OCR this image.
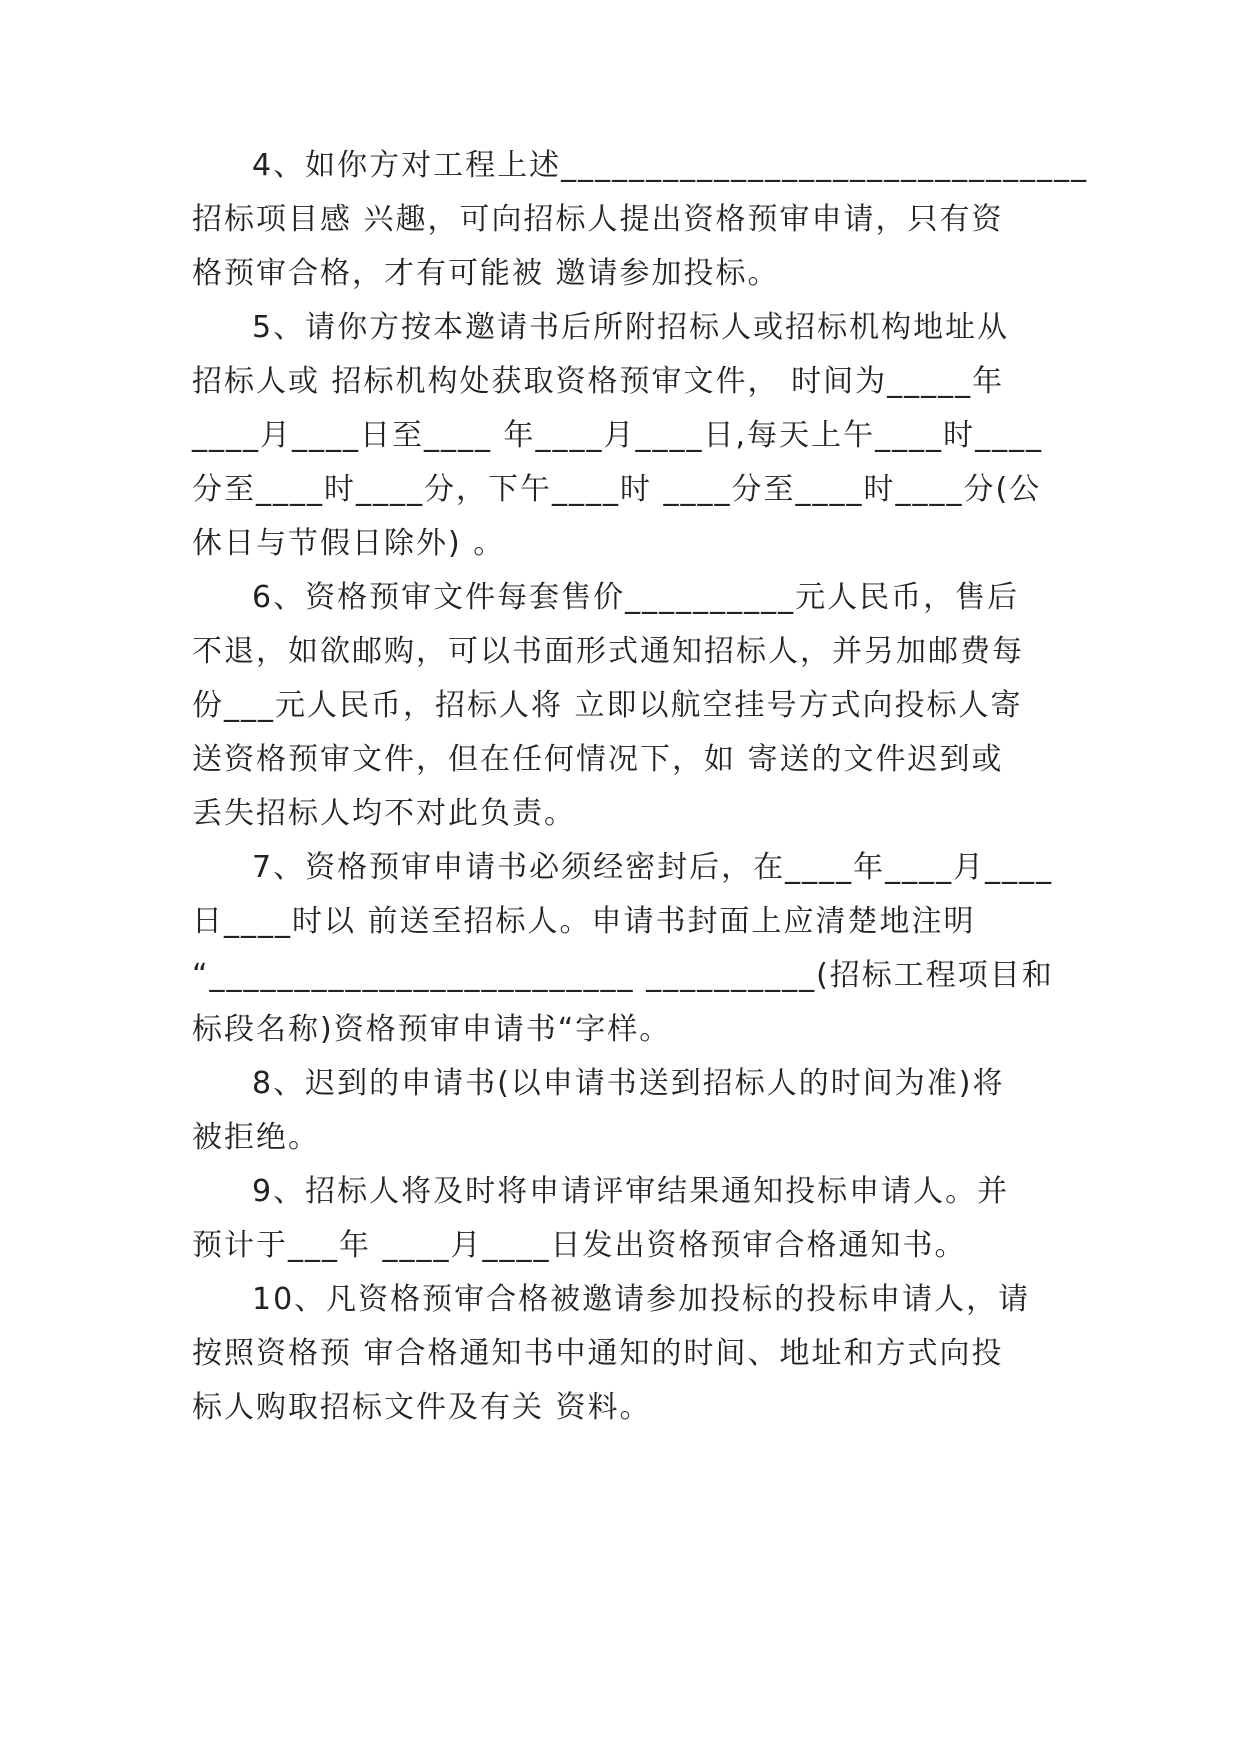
4、如你方对工程上述_______________________________
招标项目感 兴趣，可向招标人提出资格预审申请，只有资
格预审合格，才有可能被 邀请参加投标。
5、请你方按本邀请书后所附招标人或招标机构地址从
招标人或 招标机构处获取资格预审文件， 时间为_____年
____月____日至____ 年____月____日,每天上午____时____
分至____时____分，下午____时 ____分至____时____分(公
休日与节假日除外) 。
6、资格预审文件每套售价__________元人民币，售后
不退，如欲邮购，可以书面形式通知招标人，并另加邮费每
份___元人民币，招标人将 立即以航空挂号方式向投标人寄
送资格预审文件，但在任何情况下，如 寄送的文件迟到或
丢失招标人均不对此负责。
7、资格预审申请书必须经密封后，在____年____月____
日____时以 前送至招标人。申请书封面上应清楚地注明
“_________________________ __________(招标工程项目和
标段名称)资格预审申请书“字样。
8、迟到的申请书(以申请书送到招标人的时间为准)将
被拒绝。
9、招标人将及时将申请评审结果通知投标申请人。并
预计于___年 ____月____日发出资格预审合格通知书。
10、凡资格预审合格被邀请参加投标的投标申请人，请
按照资格预 审合格通知书中通知的时间、地址和方式向投
标人购取招标文件及有关 资料。
